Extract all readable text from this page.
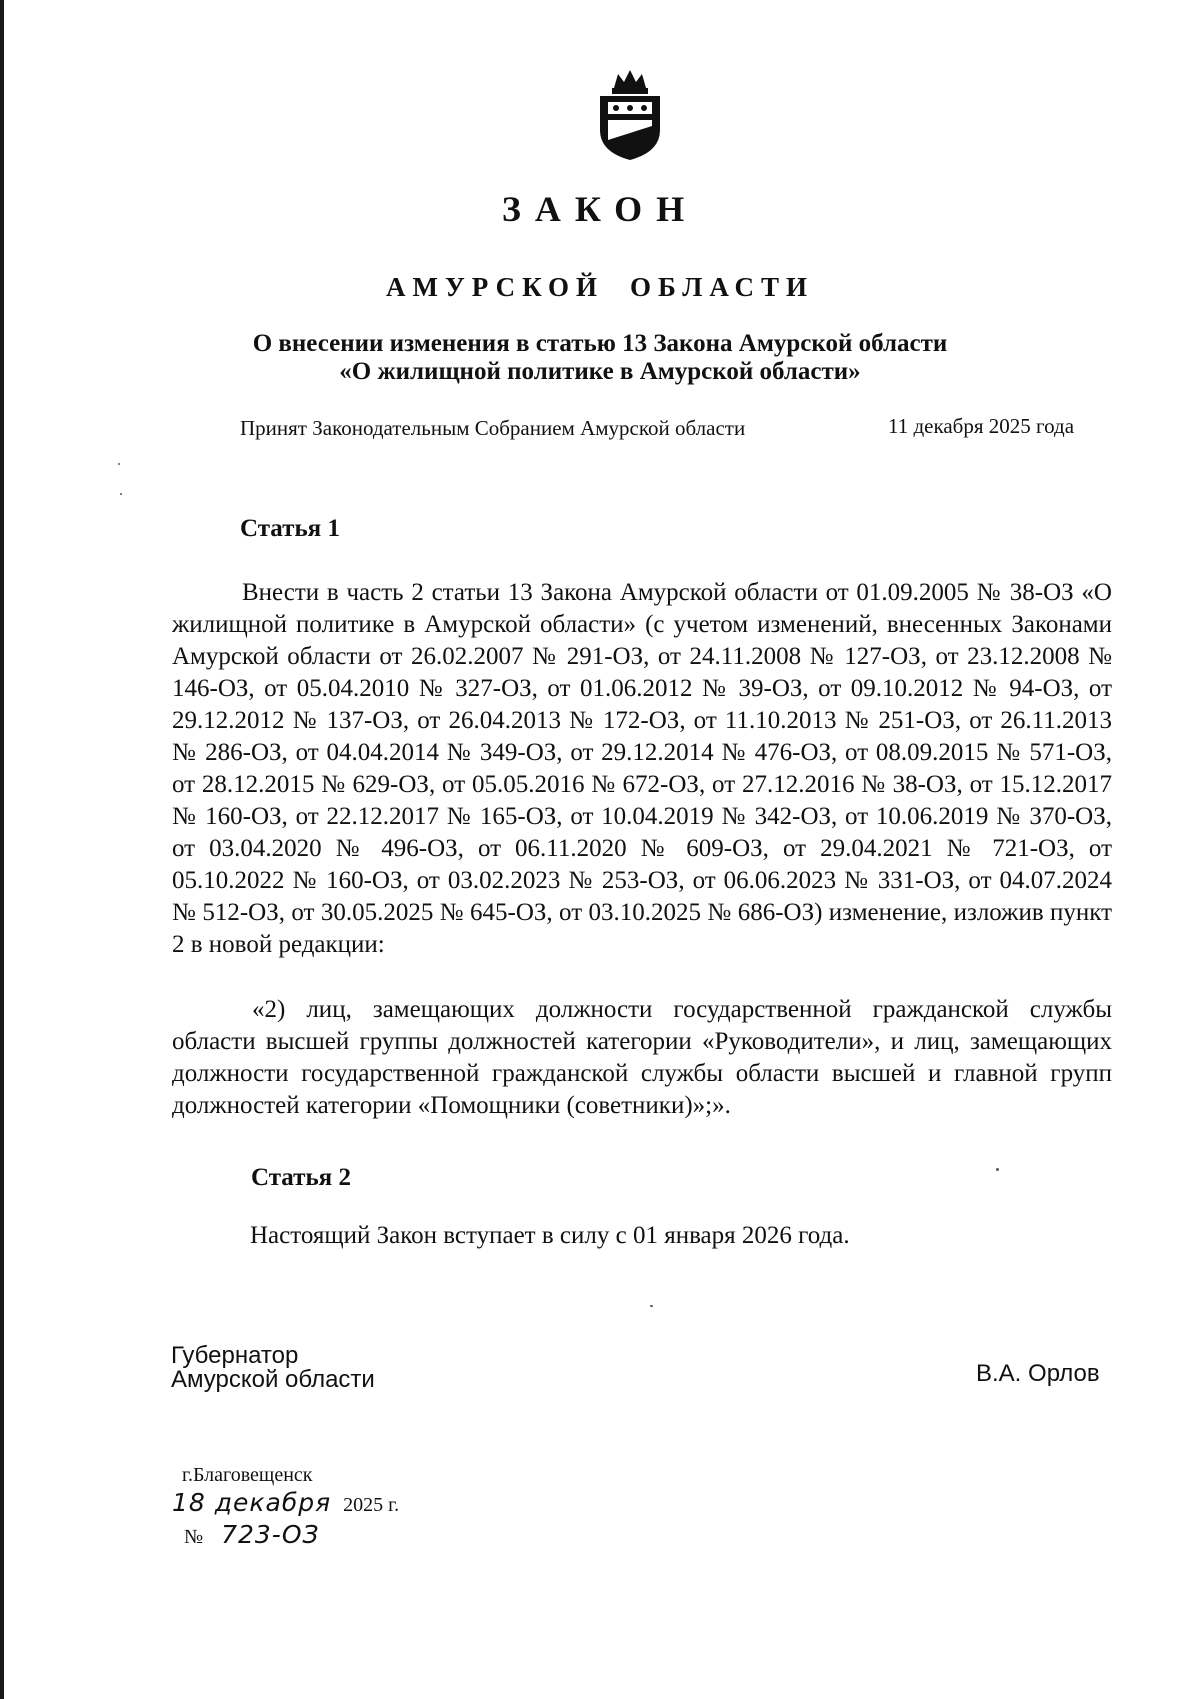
ЗАКОН
АМУРСКОЙ ОБЛАСТИ
О внесении изменения в статью 13 Закона Амурской области
«О жилищной политике в Амурской области»
Принят Законодательным Собранием Амурской области	11 декабря 2025 года
Статья 1
Внести в часть 2 статьи 13 Закона Амурской области от 01.09.2005 № 38-ОЗ «О жилищной политике в Амурской области» (с учетом изменений, внесенных Законами Амурской области от 26.02.2007 № 291-ОЗ, от 24.11.2008 № 127-ОЗ, от 23.12.2008 № 146-ОЗ, от 05.04.2010 № 327-ОЗ, от 01.06.2012 № 39-ОЗ, от 09.10.2012 № 94-ОЗ, от 29.12.2012 № 137-ОЗ, от 26.04.2013 № 172-ОЗ, от 11.10.2013 № 251-ОЗ, от 26.11.2013 № 286-ОЗ, от 04.04.2014 № 349-ОЗ, от 29.12.2014 № 476-ОЗ, от 08.09.2015 № 571-ОЗ, от 28.12.2015 № 629-ОЗ, от 05.05.2016 № 672-ОЗ, от 27.12.2016 № 38-ОЗ, от 15.12.2017 № 160-ОЗ, от 22.12.2017 № 165-ОЗ, от 10.04.2019 № 342-ОЗ, от 10.06.2019 № 370-ОЗ, от 03.04.2020 № 496-ОЗ, от 06.11.2020 № 609-ОЗ, от 29.04.2021 № 721-ОЗ, от 05.10.2022 № 160-ОЗ, от 03.02.2023 № 253-ОЗ, от 06.06.2023 № 331-ОЗ, от 04.07.2024 № 512-ОЗ, от 30.05.2025 № 645-ОЗ, от 03.10.2025 № 686-ОЗ) изменение, изложив пункт 2 в новой редакции:
«2) лиц, замещающих должности государственной гражданской службы области высшей группы должностей категории «Руководители», и лиц, замещающих должности государственной гражданской службы области высшей и главной групп должностей категории «Помощники (советники)»;».
Статья 2
Настоящий Закон вступает в силу с 01 января 2026 года.
Губернатор
Амурской области	В.А. Орлов
г.Благовещенск
18 декабря 2025 г.
№ 723-ОЗ
